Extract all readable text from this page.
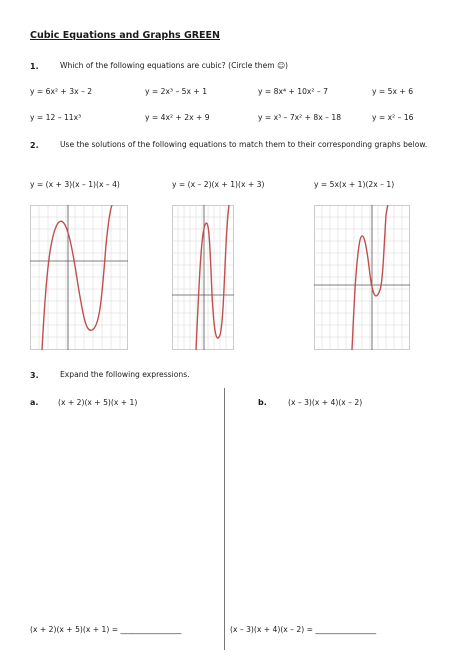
Cubic Equations and Graphs GREEN
1.	Which of the following equations are cubic? (Circle them ☺)
y = 6x² + 3x – 2	y = 2x³ – 5x + 1	y = 8x⁴ + 10x² – 7	y = 5x + 6
y = 12 – 11x³	y = 4x² + 2x + 9	y = x³ – 7x² + 8x – 18	y = x² – 16
2.	Use the solutions of the following equations to match them to their corresponding graphs below.
y = (x + 3)(x – 1)(x – 4)	y = (x – 2)(x + 1)(x + 3)	y = 5x(x + 1)(2x – 1)
3.	Expand the following expressions.
a.	(x + 2)(x + 5)(x + 1)	b.	(x – 3)(x + 4)(x – 2)
(x + 2)(x + 5)(x + 1) = ________________	(x – 3)(x + 4)(x – 2) = ________________
